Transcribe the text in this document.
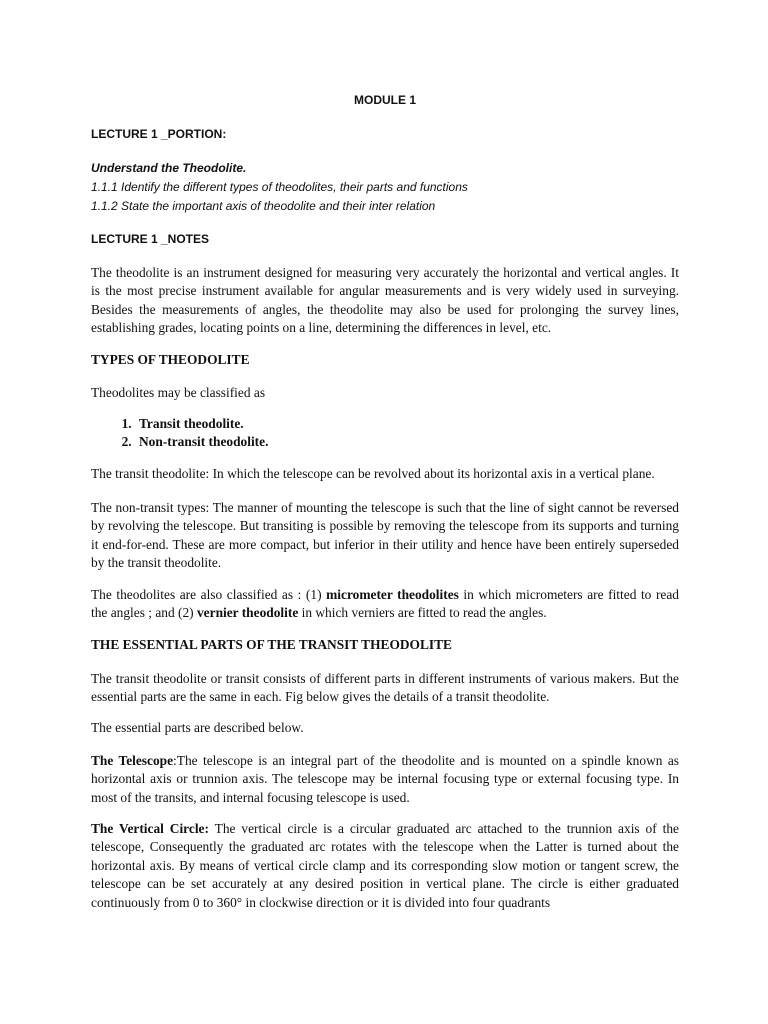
MODULE 1
LECTURE 1 _PORTION:
Understand the Theodolite.
1.1.1 Identify the different types of theodolites, their parts and functions
1.1.2 State the important axis of theodolite and their inter relation
LECTURE 1 _NOTES

The theodolite is an instrument designed for measuring very accurately the horizontal and vertical angles. It is the most precise instrument available for angular measurements and is very widely used in surveying. Besides the measurements of angles, the theodolite may also be used for prolonging the survey lines, establishing grades, locating points on a line, determining the differences in level, etc.

TYPES OF THEODOLITE

Theodolites may be classified as

1. Transit theodolite.
2. Non-transit theodolite.

The transit theodolite: In which the telescope can be revolved about its horizontal axis in a vertical plane.

The non-transit types: The manner of mounting the telescope is such that the line of sight cannot be reversed by revolving the telescope. But transiting is possible by removing the telescope from its supports and turning it end-for-end. These are more compact, but inferior in their utility and hence have been entirely superseded by the transit theodolite.

The theodolites are also classified as : (1) micrometer theodolites in which micrometers are fitted to read the angles ; and (2) vernier theodolite in which verniers are fitted to read the angles.

THE ESSENTIAL PARTS OF THE TRANSIT THEODOLITE

The transit theodolite or transit consists of different parts in different instruments of various makers. But the essential parts are the same in each. Fig below gives the details of a transit theodolite.

The essential parts are described below.

The Telescope:The telescope is an integral part of the theodolite and is mounted on a spindle known as horizontal axis or trunnion axis. The telescope may be internal focusing type or external focusing type. In most of the transits, and internal focusing telescope is used.

The Vertical Circle: The vertical circle is a circular graduated arc attached to the trunnion axis of the telescope, Consequently the graduated arc rotates with the telescope when the Latter is turned about the horizontal axis. By means of vertical circle clamp and its corresponding slow motion or tangent screw, the telescope can be set accurately at any desired position in vertical plane. The circle is either graduated continuously from 0 to 360° in clockwise direction or it is divided into four quadrants
